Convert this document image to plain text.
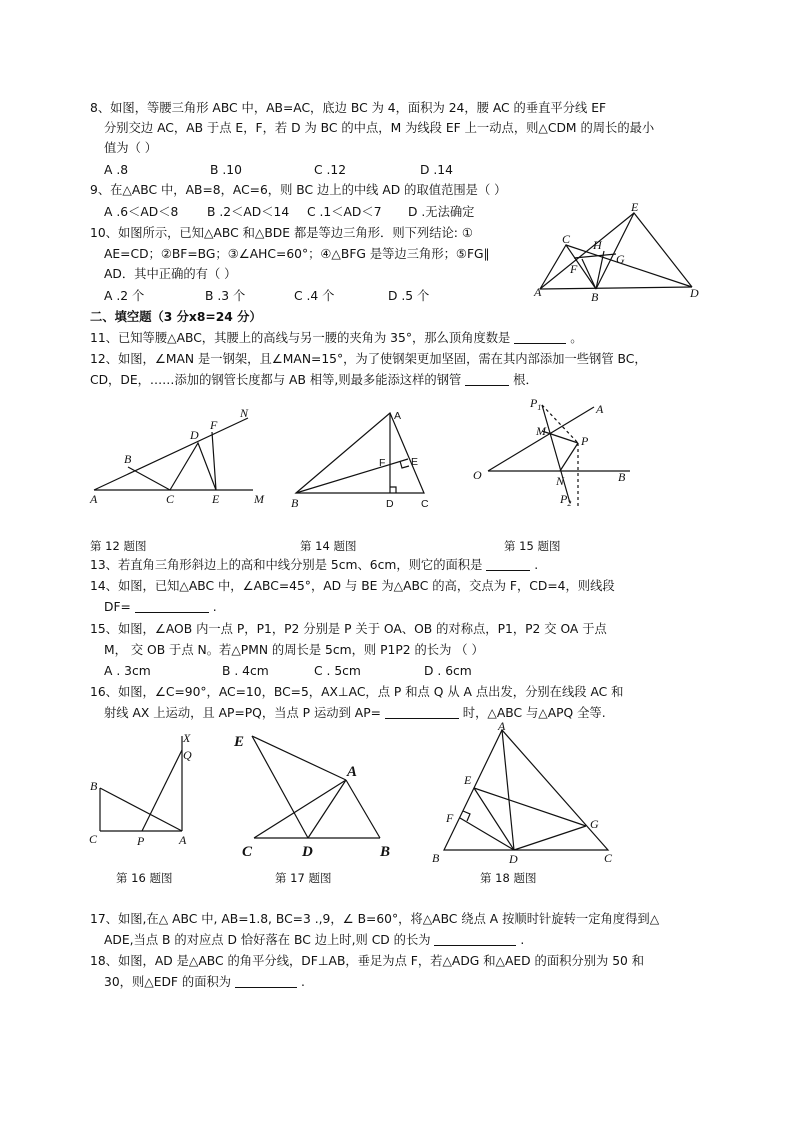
8、如图，等腰三角形 ABC 中，AB=AC，底边 BC 为 4，面积为 24，腰 AC 的垂直平分线 EF
分别交边 AC，AB 于点 E，F，若 D 为 BC 的中点，M 为线段 EF 上一动点，则△CDM 的周长的最小
值为（ ）
A .8	B .10	C .12	D .14
9、在△ABC 中，AB=8，AC=6，则 BC 边上的中线 AD 的取值范围是（ ）
A .6＜AD＜8 B .2＜AD＜14 C .1＜AD＜7 D .无法确定
10、如图所示，已知△ABC 和△BDE 都是等边三角形．则下列结论: ①
AE=CD；②BF=BG；③∠AHC=60°；④△BFG 是等边三角形；⑤FG∥
AD．其中正确的有（ ）
A .2 个	B .3 个	C .4 个	D .5 个	A
C
B	D
E
F
G
H
二、填空题（3 分x8=24 分）
11、已知等腰△ABC，其腰上的高线与另一腰的夹角为 35°，那么顶角度数是	。
12、如图，∠MAN 是一钢架，且∠MAN=15°，为了使钢架更加坚固，需在其内部添加一些钢管 BC，
CD，DE，……添加的钢管长度都与 AB 相等,则最多能添这样的钢管	根．
A
B
C
D
E
F
M
N
B
A
D	C
F E
O
A
B
M
N
P
$P_1$
$P_2$
第 12 题图	第 14 题图	第 15 题图
13、若直角三角形斜边上的高和中线分别是 5cm、6cm，则它的面积是	.
14、如图，已知△ABC 中，∠ABC=45°，AD 与 BE 为△ABC 的高，交点为 F，CD=4，则线段
DF=	.
15、如图，∠AOB 内一点 P，P1，P2 分别是 P 关于 OA、OB 的对称点，P1，P2 交 OA 于点
M， 交 OB 于点 N。若△PMN 的周长是 5cm，则 P1P2 的长为 （ ）
A . 3cm	B . 4cm	C . 5cm	D . 6cm
16、如图，∠C=90°，AC=10，BC=5，AX⊥AC，点 P 和点 Q 从 A 点出发，分别在线段 AC 和
射线 AX 上运动，且 AP=PQ，当点 P 运动到 AP=	时，△ABC 与△APQ 全等.
X
Q
B
C	P	A
E
A
C	D	B
A
E
F	G
B	D	C
第 16 题图	第 17 题图	第 18 题图
17、如图,在△ ABC 中, AB=1.8, BC=3 .,9，∠ B=60°，将△ABC 绕点 A 按顺时针旋转一定角度得到△
ADE,当点 B 的对应点 D 恰好落在 BC 边上时,则 CD 的长为	.
18、如图，AD 是△ABC 的角平分线，DF⊥AB，垂足为点 F，若△ADG 和△AED 的面积分别为 50 和
30，则△EDF 的面积为	.
